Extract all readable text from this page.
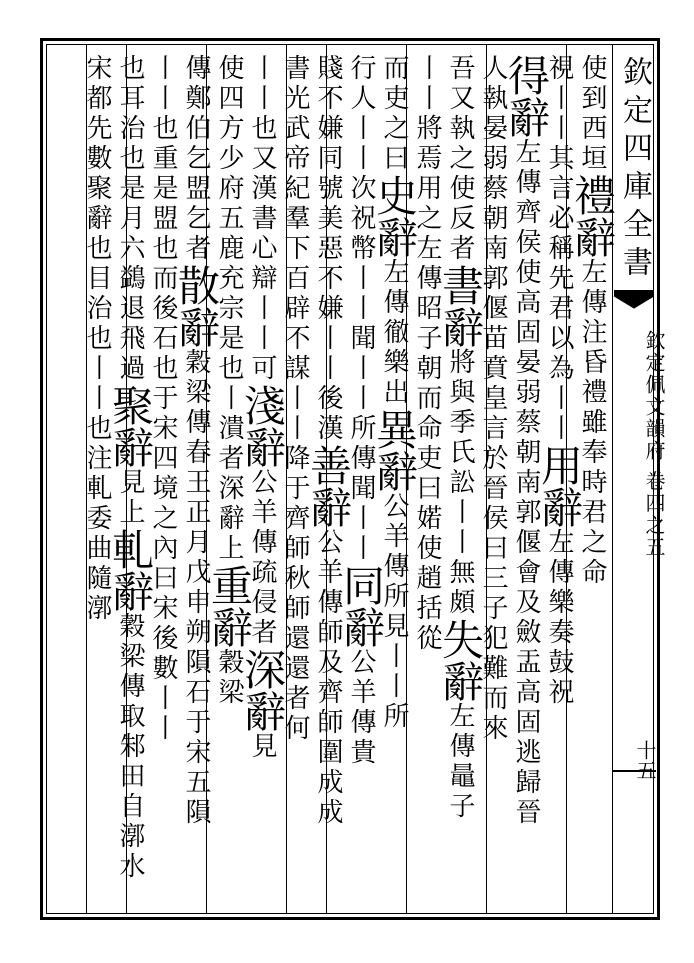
欽定四庫全書
欽定佩文韻府 卷四之五
十五
使到西垣禮辭左傳注昏禮雖奉時君之命
視丨丨其言必稱先君以為丨丨用辭左傳樂奏鼓祝
得辭左傳齊侯使高固晏弱蔡朝南郭偃會及斂盂高固逃歸晉
人執晏弱蔡朝南郭偃苗賁皇言於晉侯曰三子犯難而來
吾又執之使反者書辭將與季氏訟丨丨無頗失辭左傳鼂子
丨丨將焉用之左傳昭子朝而命吏曰婼使趙括從
而吏之曰史辭左傳徹樂出異辭公羊傳所見丨丨所
行人丨丨次祝幣丨丨聞丨丨所傳聞丨丨同辭公羊傳貴
賤不嫌同號美惡不嫌丨丨後漢善辭公羊傳師及齊師圍成成
書光武帝紀羣下百辟不謀丨丨降于齊師秋師還還者何
丨丨也又漢書心辯丨丨可淺辭公羊傳疏侵者深辭見
使四方少府五鹿充宗是也丨潰者深辭上重辭穀梁
傳鄭伯乞盟乞者散辭穀梁傳春王正月戊申朔隕石于宋五隕
丨丨也重是盟也而後石也于宋四境之內曰宋後數丨丨
也耳治也是月六鷁退飛過聚辭見上軋辭穀梁傳取邾田自漷水
宋都先數聚辭也目治也丨丨也注軋委曲隨漷
